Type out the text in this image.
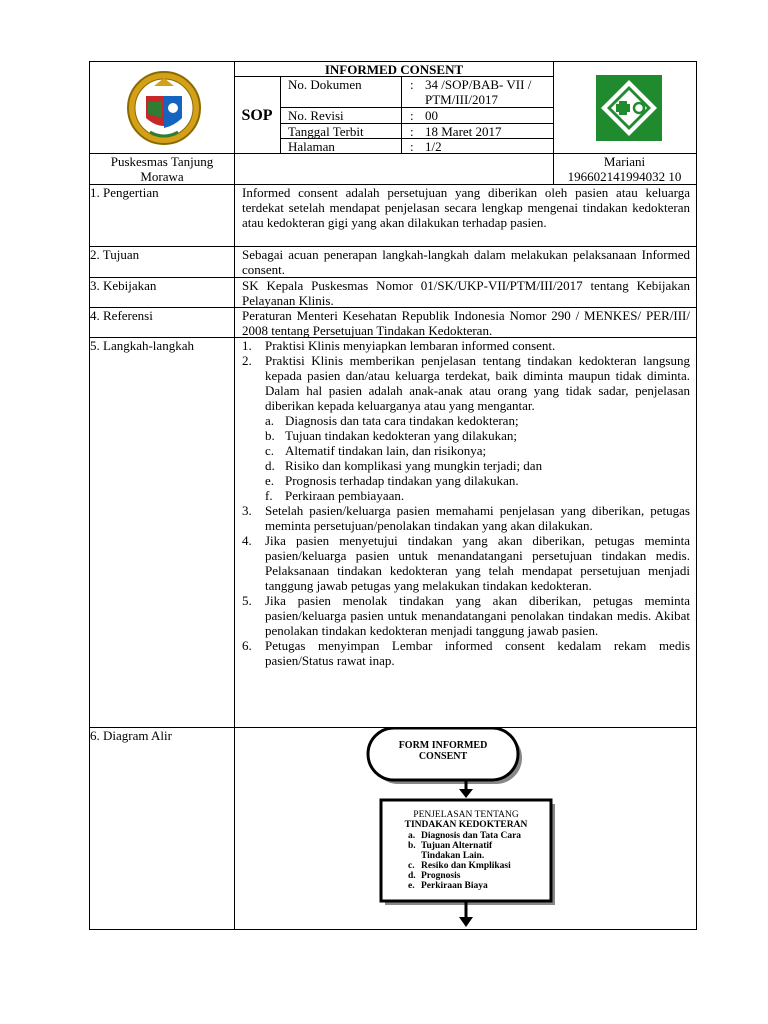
INFORMED CONSENT
SOP
No. Dokumen	: 34 /SOP/BAB- VII /
PTM/III/2017
No. Revisi	: 00
Tanggal Terbit	: 18 Maret 2017
Halaman	: 1/2
Puskesmas Tanjung
Morawa
Mariani
196602141994032 10
1. Pengertian	Informed consent adalah persetujuan yang diberikan oleh pasien atau keluarga terdekat setelah mendapat penjelasan secara lengkap mengenai tindakan kedokteran atau kedokteran gigi yang akan dilakukan terhadap pasien.
2. Tujuan	Sebagai acuan penerapan langkah-langkah dalam melakukan pelaksanaan Informed consent.
3. Kebijakan	SK Kepala Puskesmas Nomor 01/SK/UKP-VII/PTM/III/2017 tentang Kebijakan Pelayanan Klinis.
4. Referensi	Peraturan Menteri Kesehatan Republik Indonesia Nomor 290 / MENKES/ PER/III/ 2008 tentang Persetujuan Tindakan Kedokteran.
5. Langkah-langkah	1. Praktisi Klinis menyiapkan lembaran informed consent.
2. Praktisi Klinis memberikan penjelasan tentang tindakan kedokteran langsung kepada pasien dan/atau keluarga terdekat, baik diminta maupun tidak diminta. Dalam hal pasien adalah anak-anak atau orang yang tidak sadar, penjelasan diberikan kepada keluarganya atau yang mengantar.
a. Diagnosis dan tata cara tindakan kedokteran;
b. Tujuan tindakan kedokteran yang dilakukan;
c. Altematif tindakan lain, dan risikonya;
d. Risiko dan komplikasi yang mungkin terjadi; dan
e. Prognosis terhadap tindakan yang dilakukan.
f. Perkiraan pembiayaan.
3. Setelah pasien/keluarga pasien memahami penjelasan yang diberikan, petugas meminta persetujuan/penolakan tindakan yang akan dilakukan.
4. Jika pasien menyetujui tindakan yang akan diberikan, petugas meminta pasien/keluarga pasien untuk menandatangani persetujuan tindakan medis. Pelaksanaan tindakan kedokteran yang telah mendapat persetujuan menjadi tanggung jawab petugas yang melakukan tindakan kedokteran.
5. Jika pasien menolak tindakan yang akan diberikan, petugas meminta pasien/keluarga pasien untuk menandatangani penolakan tindakan medis. Akibat penolakan tindakan kedokteran menjadi tanggung jawab pasien.
6. Petugas menyimpan Lembar informed consent kedalam rekam medis pasien/Status rawat inap.
6. Diagram Alir
FORM INFORMED
CONSENT
PENJELASAN TENTANG
TINDAKAN KEDOKTERAN
a. Diagnosis dan Tata Cara
b. Tujuan Alternatif
Tindakan Lain.
c. Resiko dan Kmplikasi
d. Prognosis
e. Perkiraan Biaya
